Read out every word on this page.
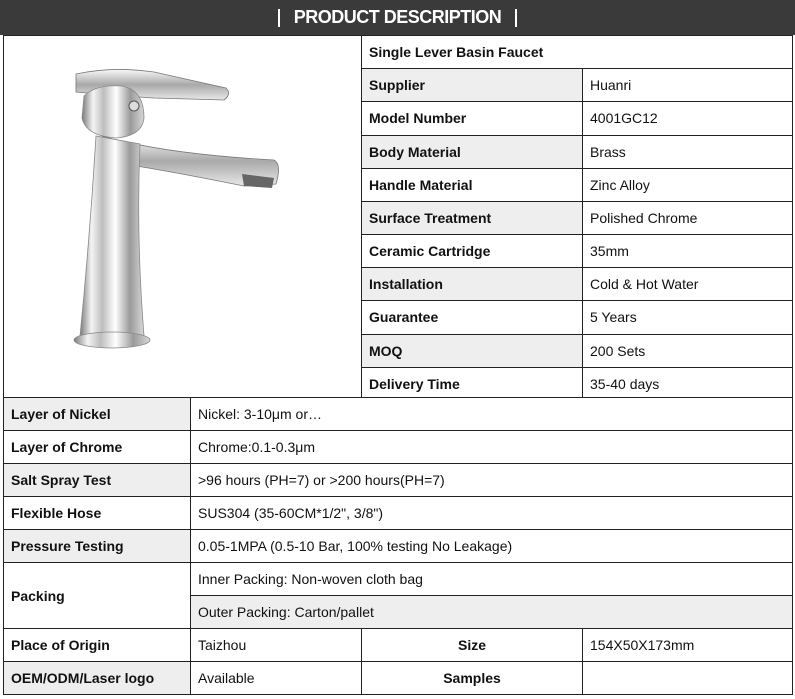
PRODUCT DESCRIPTION
	Single Lever Basin Faucet	
	Supplier	Huanri
	Model Number	4001GC12
	Body Material	Brass
	Handle Material	Zinc Alloy
	Surface Treatment	Polished Chrome
	Ceramic Cartridge	35mm
	Installation	Cold & Hot Water
	Guarantee	5 Years
	MOQ	200 Sets
	Delivery Time	35-40 days
Layer of Nickel	Nickel: 3-10μm or…		
Layer of Chrome	Chrome:0.1-0.3μm		
Salt Spray Test	>96 hours (PH=7) or >200 hours(PH=7)		
Flexible Hose	SUS304 (35-60CM*1/2", 3/8")		
Pressure Testing	0.05-1MPA (0.5-10 Bar, 100% testing No Leakage)		
Packing	Inner Packing: Non-woven cloth bag		
	Outer Packing: Carton/pallet		
Place of Origin	Taizhou	Size	154X50X173mm
OEM/ODM/Laser logo	Available	Samples	
